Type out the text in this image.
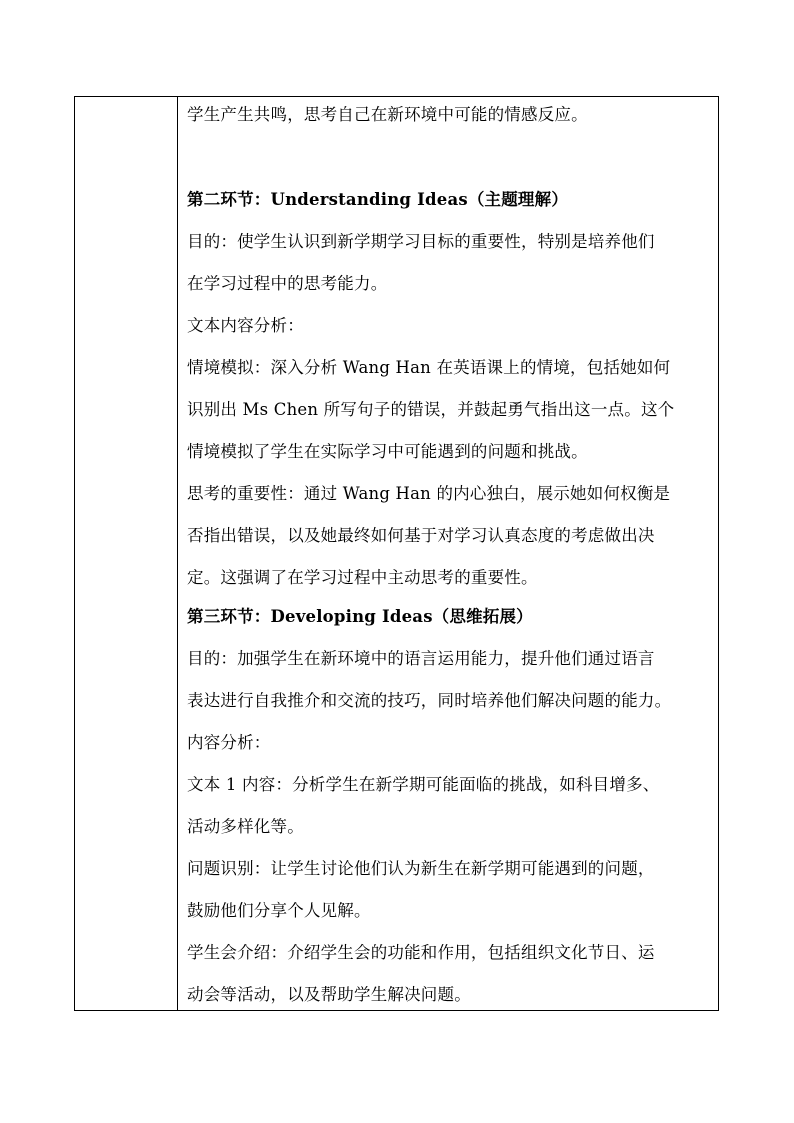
学生产生共鸣，思考自己在新环境中可能的情感反应。
第二环节：Understanding Ideas（主题理解）
目的：使学生认识到新学期学习目标的重要性，特别是培养他们
在学习过程中的思考能力。
文本内容分析：
情境模拟：深入分析 Wang Han 在英语课上的情境，包括她如何
识别出 Ms Chen 所写句子的错误，并鼓起勇气指出这一点。这个
情境模拟了学生在实际学习中可能遇到的问题和挑战。
思考的重要性：通过 Wang Han 的内心独白，展示她如何权衡是
否指出错误，以及她最终如何基于对学习认真态度的考虑做出决
定。这强调了在学习过程中主动思考的重要性。
第三环节：Developing Ideas（思维拓展）
目的：加强学生在新环境中的语言运用能力，提升他们通过语言
表达进行自我推介和交流的技巧，同时培养他们解决问题的能力。
内容分析：
文本 1 内容：分析学生在新学期可能面临的挑战，如科目增多、
活动多样化等。
问题识别：让学生讨论他们认为新生在新学期可能遇到的问题，
鼓励他们分享个人见解。
学生会介绍：介绍学生会的功能和作用，包括组织文化节日、运
动会等活动，以及帮助学生解决问题。
